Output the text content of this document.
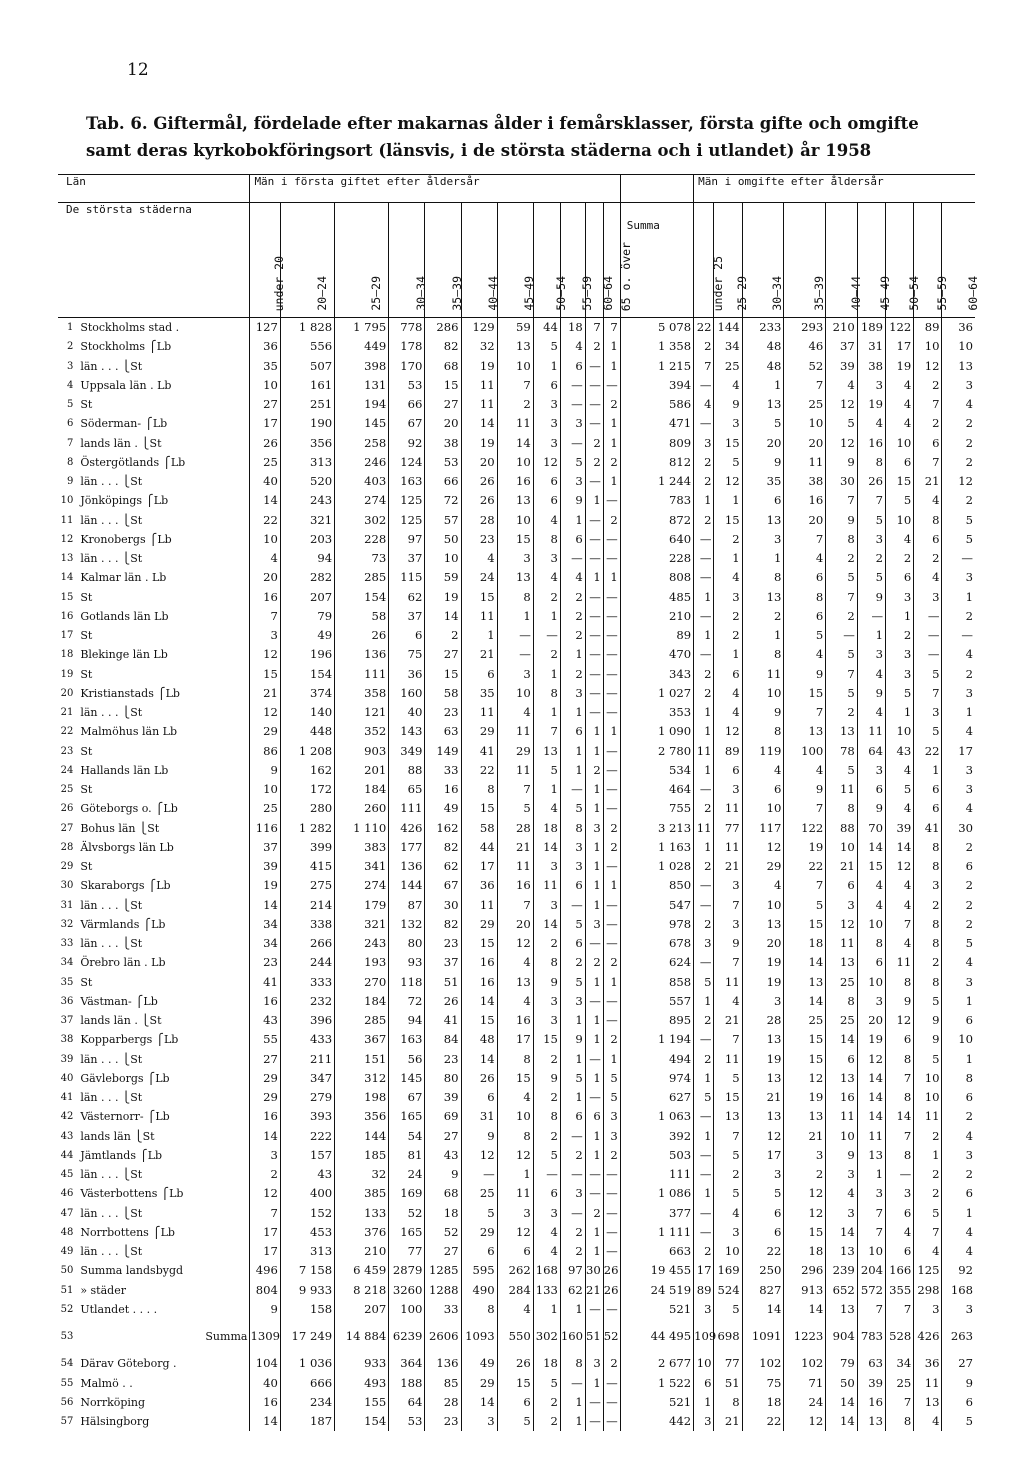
12
Tab. 6. Giftermål, fördelade efter makarnas ålder i femårsklasser, första gifte och omgifte
samt deras kyrkobokföringsort (länsvis, i de största städerna och i utlandet) år 1958
Län		Män i första giftet efter åldersår												Män i omgifte efter åldersår								
De största städerna		under 20	20—24	25—29	30—34	35—39	40—44	45—49	50—54	55—59	60—64	65 o. över	Summa	under 25	25—29	30—34	35—39	40—44	45—49	50—54	55—59	60—64

1	Stockholms stad .	127	1 828	1 795	778	286	129	59	44	18	7	7	5 078	22	144	233	293	210	189	122	89	36
2	Stockholms ⎧Lb	36	556	449	178	82	32	13	5	4	2	1	1 358	2	34	48	46	37	31	17	10	10
3	län . . . ⎩St	35	507	398	170	68	19	10	1	6	—	1	1 215	7	25	48	52	39	38	19	12	13
4	Uppsala län . Lb	10	161	131	53	15	11	7	6	—	—	—	394	—	4	1	7	4	3	4	2	3
5	St	27	251	194	66	27	11	2	3	—	—	2	586	4	9	13	25	12	19	4	7	4
6	Söderman- ⎧Lb	17	190	145	67	20	14	11	3	3	—	1	471	—	3	5	10	5	4	4	2	2
7	lands län . ⎩St	26	356	258	92	38	19	14	3	—	2	1	809	3	15	20	20	12	16	10	6	2
8	Östergötlands ⎧Lb	25	313	246	124	53	20	10	12	5	2	2	812	2	5	9	11	9	8	6	7	2
9	län . . . ⎩St	40	520	403	163	66	26	16	6	3	—	1	1 244	2	12	35	38	30	26	15	21	12
10	Jönköpings ⎧Lb	14	243	274	125	72	26	13	6	9	1	—	783	1	1	6	16	7	7	5	4	2
11	län . . . ⎩St	22	321	302	125	57	28	10	4	1	—	2	872	2	15	13	20	9	5	10	8	5
12	Kronobergs ⎧Lb	10	203	228	97	50	23	15	8	6	—	—	640	—	2	3	7	8	3	4	6	5
13	län . . . ⎩St	4	94	73	37	10	4	3	3	—	—	—	228	—	1	1	4	2	2	2	2	—
14	Kalmar län . Lb	20	282	285	115	59	24	13	4	4	1	1	808	—	4	8	6	5	5	6	4	3
15	St	16	207	154	62	19	15	8	2	2	—	—	485	1	3	13	8	7	9	3	3	1
16	Gotlands län Lb	7	79	58	37	14	11	1	1	2	—	—	210	—	2	2	6	2	—	1	—	2
17	St	3	49	26	6	2	1	—	—	2	—	—	89	1	2	1	5	—	1	2	—	—
18	Blekinge län Lb	12	196	136	75	27	21	—	2	1	—	—	470	—	1	8	4	5	3	3	—	4
19	St	15	154	111	36	15	6	3	1	2	—	—	343	2	6	11	9	7	4	3	5	2
20	Kristianstads ⎧Lb	21	374	358	160	58	35	10	8	3	—	—	1 027	2	4	10	15	5	9	5	7	3
21	län . . . ⎩St	12	140	121	40	23	11	4	1	1	—	—	353	1	4	9	7	2	4	1	3	1
22	Malmöhus län Lb	29	448	352	143	63	29	11	7	6	1	1	1 090	1	12	8	13	13	11	10	5	4
23	St	86	1 208	903	349	149	41	29	13	1	1	—	2 780	11	89	119	100	78	64	43	22	17
24	Hallands län Lb	9	162	201	88	33	22	11	5	1	2	—	534	1	6	4	4	5	3	4	1	3
25	St	10	172	184	65	16	8	7	1	—	1	—	464	—	3	6	9	11	6	5	6	3
26	Göteborgs o. ⎧Lb	25	280	260	111	49	15	5	4	5	1	—	755	2	11	10	7	8	9	4	6	4
27	Bohus län ⎩St	116	1 282	1 110	426	162	58	28	18	8	3	2	3 213	11	77	117	122	88	70	39	41	30
28	Älvsborgs län Lb	37	399	383	177	82	44	21	14	3	1	2	1 163	1	11	12	19	10	14	14	8	2
29	St	39	415	341	136	62	17	11	3	3	1	—	1 028	2	21	29	22	21	15	12	8	6
30	Skaraborgs ⎧Lb	19	275	274	144	67	36	16	11	6	1	1	850	—	3	4	7	6	4	4	3	2
31	län . . . ⎩St	14	214	179	87	30	11	7	3	—	1	—	547	—	7	10	5	3	4	4	2	2
32	Värmlands ⎧Lb	34	338	321	132	82	29	20	14	5	3	—	978	2	3	13	15	12	10	7	8	2
33	län . . . ⎩St	34	266	243	80	23	15	12	2	6	—	—	678	3	9	20	18	11	8	4	8	5
34	Örebro län . Lb	23	244	193	93	37	16	4	8	2	2	2	624	—	7	19	14	13	6	11	2	4
35	St	41	333	270	118	51	16	13	9	5	1	1	858	5	11	19	13	25	10	8	8	3
36	Västman- ⎧Lb	16	232	184	72	26	14	4	3	3	—	—	557	1	4	3	14	8	3	9	5	1
37	lands län . ⎩St	43	396	285	94	41	15	16	3	1	1	—	895	2	21	28	25	25	20	12	9	6
38	Kopparbergs ⎧Lb	55	433	367	163	84	48	17	15	9	1	2	1 194	—	7	13	15	14	19	6	9	10
39	län . . . ⎩St	27	211	151	56	23	14	8	2	1	—	1	494	2	11	19	15	6	12	8	5	1
40	Gävleborgs ⎧Lb	29	347	312	145	80	26	15	9	5	1	5	974	1	5	13	12	13	14	7	10	8
41	län . . . ⎩St	29	279	198	67	39	6	4	2	1	—	5	627	5	15	21	19	16	14	8	10	6
42	Västernorr- ⎧Lb	16	393	356	165	69	31	10	8	6	6	3	1 063	—	13	13	13	11	14	14	11	2
43	lands län ⎩St	14	222	144	54	27	9	8	2	—	1	3	392	1	7	12	21	10	11	7	2	4
44	Jämtlands ⎧Lb	3	157	185	81	43	12	12	5	2	1	2	503	—	5	17	3	9	13	8	1	3
45	län . . . ⎩St	2	43	32	24	9	—	1	—	—	—	—	111	—	2	3	2	3	1	—	2	2
46	Västerbottens ⎧Lb	12	400	385	169	68	25	11	6	3	—	—	1 086	1	5	5	12	4	3	3	2	6
47	län . . . ⎩St	7	152	133	52	18	5	3	3	—	2	—	377	—	4	6	12	3	7	6	5	1
48	Norrbottens ⎧Lb	17	453	376	165	52	29	12	4	2	1	—	1 111	—	3	6	15	14	7	4	7	4
49	län . . . ⎩St	17	313	210	77	27	6	6	4	2	1	—	663	2	10	22	18	13	10	6	4	4
50	Summa landsbygd	496	7 158	6 459	2879	1285	595	262	168	97	30	26	19 455	17	169	250	296	239	204	166	125	92
51	» städer	804	9 933	8 218	3260	1288	490	284	133	62	21	26	24 519	89	524	827	913	652	572	355	298	168
52	Utlandet . . . .	9	158	207	100	33	8	4	1	1	—	—	521	3	5	14	14	13	7	7	3	3
53	Summa	1309	17 249	14 884	6239	2606	1093	550	302	160	51	52	44 495	109	698	1091	1223	904	783	528	426	263
54	Därav Göteborg .	104	1 036	933	364	136	49	26	18	8	3	2	2 677	10	77	102	102	79	63	34	36	27
55	Malmö . .	40	666	493	188	85	29	15	5	—	1	—	1 522	6	51	75	71	50	39	25	11	9
56	Norrköping	16	234	155	64	28	14	6	2	1	—	—	521	1	8	18	24	14	16	7	13	6
57	Hälsingborg	14	187	154	53	23	3	5	2	1	—	—	442	3	21	22	12	14	13	8	4	5
